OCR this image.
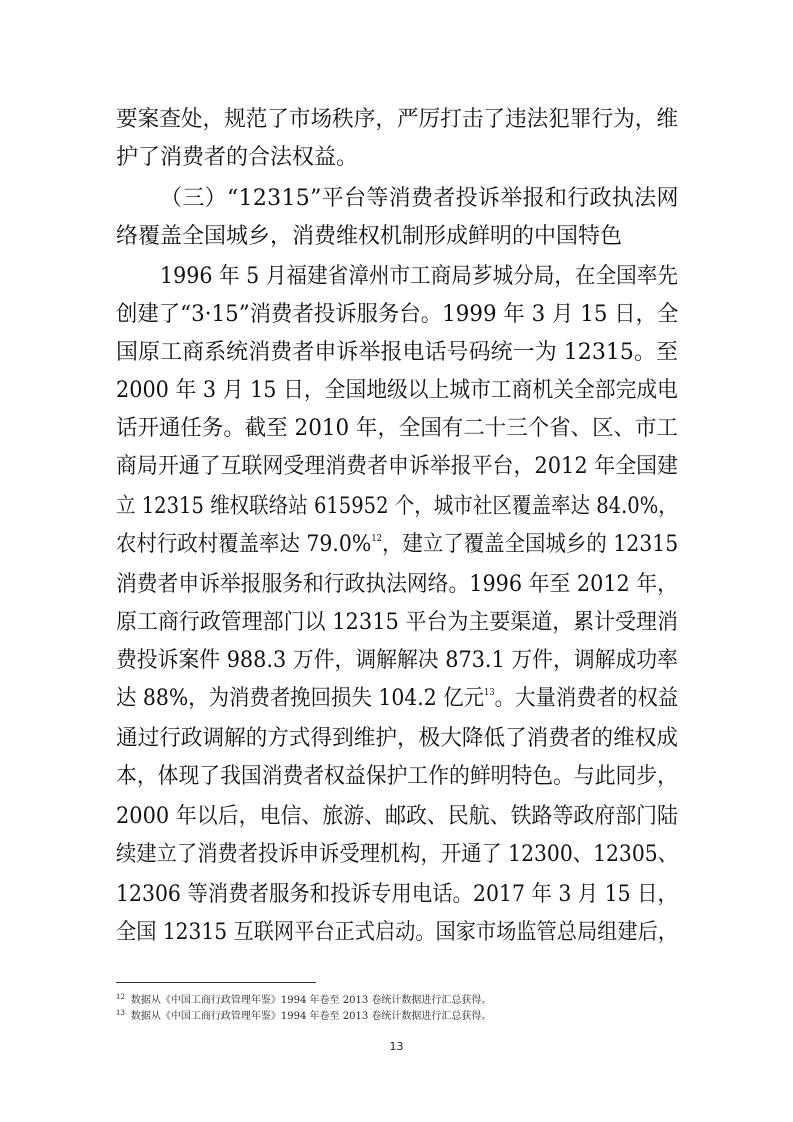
要案查处，规范了市场秩序，严厉打击了违法犯罪行为，维
护了消费者的合法权益。
（三）“12315”平台等消费者投诉举报和行政执法网
络覆盖全国城乡，消费维权机制形成鲜明的中国特色
1996 年 5 月福建省漳州市工商局芗城分局，在全国率先
创建了“3·15”消费者投诉服务台。1999 年 3 月 15 日，全
国原工商系统消费者申诉举报电话号码统一为 12315。至
2000 年 3 月 15 日，全国地级以上城市工商机关全部完成电
话开通任务。截至 2010 年，全国有二十三个省、区、市工
商局开通了互联网受理消费者申诉举报平台，2012 年全国建
立 12315 维权联络站 615952 个，城市社区覆盖率达 84.0%，
农村行政村覆盖率达 79.0%$^{12}$，建立了覆盖全国城乡的 12315
消费者申诉举报服务和行政执法网络。1996 年至 2012 年，
原工商行政管理部门以 12315 平台为主要渠道，累计受理消
费投诉案件 988.3 万件，调解解决 873.1 万件，调解成功率
达 88%，为消费者挽回损失 104.2 亿元$^{13}$。大量消费者的权益
通过行政调解的方式得到维护，极大降低了消费者的维权成
本，体现了我国消费者权益保护工作的鲜明特色。与此同步，
2000 年以后，电信、旅游、邮政、民航、铁路等政府部门陆
续建立了消费者投诉申诉受理机构，开通了 12300、12305、
12306 等消费者服务和投诉专用电话。2017 年 3 月 15 日，
全国 12315 互联网平台正式启动。国家市场监管总局组建后，
$^{12}$ 数据从《中国工商行政管理年鉴》1994 年卷至 2013 卷统计数据进行汇总获得。
$^{13}$ 数据从《中国工商行政管理年鉴》1994 年卷至 2013 卷统计数据进行汇总获得。
13
